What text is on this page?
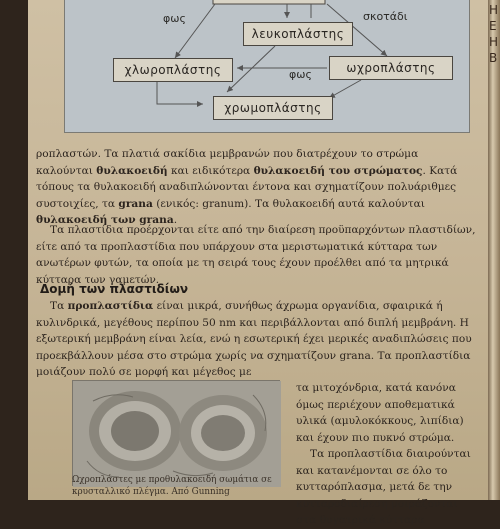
φως	σκοτάδι
φως
λευκοπλάστης
χλωροπλάστης	ωχροπλάστης
χρωμοπλάστης

ροπλαστών. Τα πλατιά σακίδια μεμβρανών που διατρέχουν το στρώμα καλούνται θυλακοειδή και ειδικότερα θυλακοειδή του στρώματος. Κατά τόπους τα θυλακοειδή αναδιπλώνονται έντονα και σχηματίζουν πολυάριθμες συστοιχίες, τα grana (ενικός: granum). Τα θυλακοειδή αυτά καλούνται θυλακοειδή των grana.

Τα πλαστίδια προέρχονται είτε από την διαίρεση προϋπαρχόντων πλαστιδίων, είτε από τα προπλαστίδια που υπάρχουν στα μεριστωματικά κύτταρα των ανωτέρων φυτών, τα οποία με τη σειρά τους έχουν προέλθει από τα μητρικά κύτταρα των γαμετών.

Δομή των πλαστιδίων

Τα προπλαστίδια είναι μικρά, συνήθως άχρωμα οργανίδια, σφαιρικά ή κυλινδρικά, μεγέθους περίπου 50 nm και περιβάλλονται από διπλή μεμβράνη. Η εξωτερική μεμβράνη είναι λεία, ενώ η εσωτερική έχει μερικές αναδιπλώσεις που προεκβάλλουν μέσα στο στρώμα χωρίς να σχηματίζουν grana. Τα προπλαστίδια μοιάζουν πολύ σε μορφή και μέγεθος με

Ωχροπλάστες με προθυλακοειδή σωμάτια σε κρυσταλλικό πλέγμα. Από Gunning

τα μιτοχόνδρια, κατά κανόνα όμως περιέχουν αποθεματικά υλικά (αμυλοκόκκους, λιπίδια) και έχουν πιο πυκνό στρώμα.

Τα προπλαστίδια διαιρούνται και κατανέμονται σε όλο το κυτταρόπλασμα, μετά δε την κυτταροδιαίρεση μοιράζονται στα θυγατρικά κύτταρα

Η Ε Η Β
